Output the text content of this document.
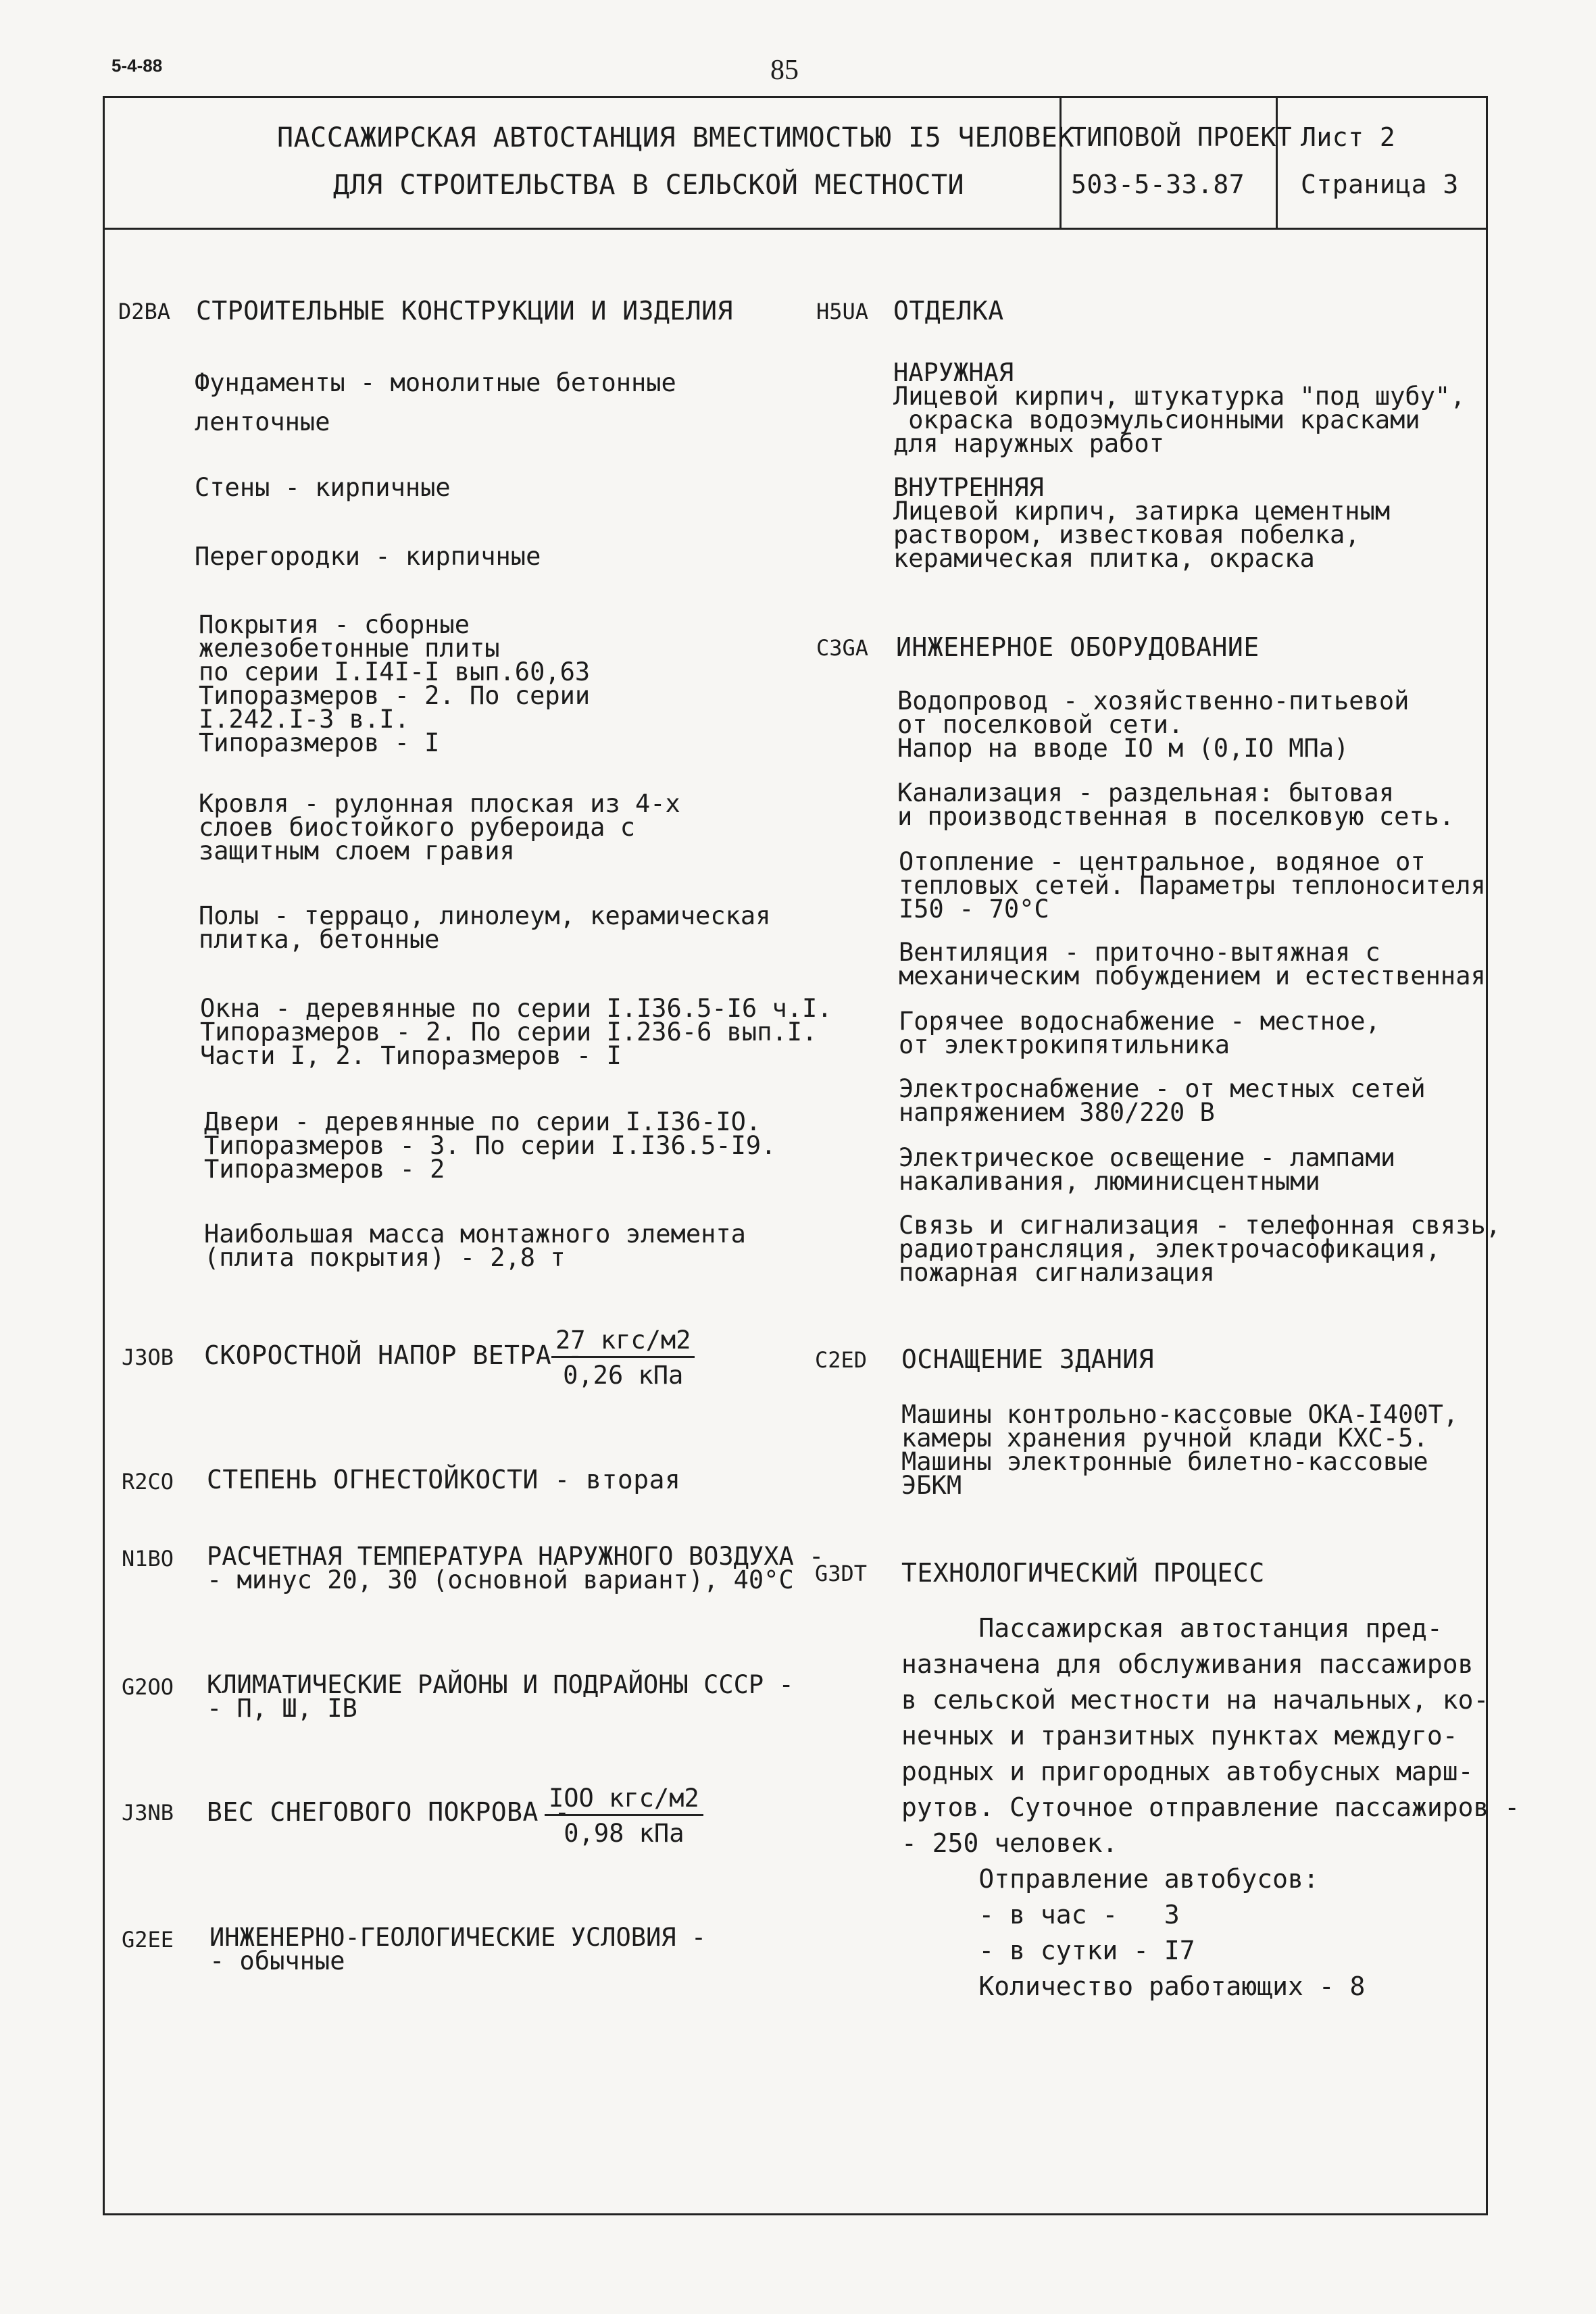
5-4-88	85
ПАССАЖИРСКАЯ АВТОСТАНЦИЯ ВМЕСТИМОСТЬЮ I5 ЧЕЛОВЕК
ДЛЯ СТРОИТЕЛЬСТВА В СЕЛЬСКОЙ МЕСТНОСТИ
ТИПОВОЙ ПРОЕКТ
503-5-33.87
Лист 2
Страница 3
D2BA СТРОИТЕЛЬНЫЕ КОНСТРУКЦИИ И ИЗДЕЛИЯ
Фундаменты - монолитные бетонные
ленточные
Стены - кирпичные
Перегородки - кирпичные
Покрытия - сборные
железобетонные плиты
по серии I.I4I-I вып.60,63
Типоразмеров - 2. По серии
I.242.I-3 в.I.
Типоразмеров - I
Кровля - рулонная плоская из 4-х
слоев биостойкого рубероида с
защитным слоем гравия
Полы - террацо, линолеум, керамическая
плитка, бетонные
Окна - деревянные по серии I.I36.5-I6 ч.I.
Типоразмеров - 2. По серии I.236-6 вып.I.
Части I, 2. Типоразмеров - I
Двери - деревянные по серии I.I36-IO.
Типоразмеров - 3. По серии I.I36.5-I9.
Типоразмеров - 2
Наибольшая масса монтажного элемента
(плита покрытия) - 2,8 т
J3OB СКОРОСТНОЙ НАПОР ВЕТРА -
27 кгс/м2
0,26 кПа
R2CO СТЕПЕНЬ ОГНЕСТОЙКОСТИ - вторая
N1BO РАСЧЕТНАЯ ТЕМПЕРАТУРА НАРУЖНОГО ВОЗДУХА -
- минус 20, 30 (основной вариант), 40°С
G2OO КЛИМАТИЧЕСКИЕ РАЙОНЫ И ПОДРАЙОНЫ СССР -
- П, Ш, IВ
J3NB ВЕС СНЕГОВОГО ПОКРОВА -
IOO кгс/м2
0,98 кПа
G2EE ИНЖЕНЕРНО-ГЕОЛОГИЧЕСКИЕ УСЛОВИЯ -
- обычные
H5UA ОТДЕЛКА
НАРУЖНАЯ
Лицевой кирпич, штукатурка "под шубу",
окраска водоэмульсионными красками
для наружных работ
ВНУТРЕННЯЯ
Лицевой кирпич, затирка цементным
раствором, известковая побелка,
керамическая плитка, окраска
C3GA ИНЖЕНЕРНОЕ ОБОРУДОВАНИЕ
Водопровод - хозяйственно-питьевой
от поселковой сети.
Напор на вводе IO м (0,IO МПа)
Канализация - раздельная: бытовая
и производственная в поселковую сеть.
Отопление - центральное, водяное от
тепловых сетей. Параметры теплоносителя
I50 - 70°С
Вентиляция - приточно-вытяжная с
механическим побуждением и естественная
Горячее водоснабжение - местное,
от электрокипятильника
Электроснабжение - от местных сетей
напряжением 380/220 В
Электрическое освещение - лампами
накаливания, люминисцентными
Связь и сигнализация - телефонная связь,
радиотрансляция, электрочасофикация,
пожарная сигнализация
C2ED ОСНАЩЕНИЕ ЗДАНИЯ
Машины контрольно-кассовые ОКА-I400Т,
камеры хранения ручной клади КХС-5.
Машины электронные билетно-кассовые
ЭБКМ
G3DT ТЕХНОЛОГИЧЕСКИЙ ПРОЦЕСС
Пассажирская автостанция пред-
назначена для обслуживания пассажиров
в сельской местности на начальных, ко-
нечных и транзитных пунктах междуго-
родных и пригородных автобусных марш-
рутов. Суточное отправление пассажиров -
- 250 человек.
Отправление автобусов:
- в час -   3
- в сутки - I7
Количество работающих - 8
